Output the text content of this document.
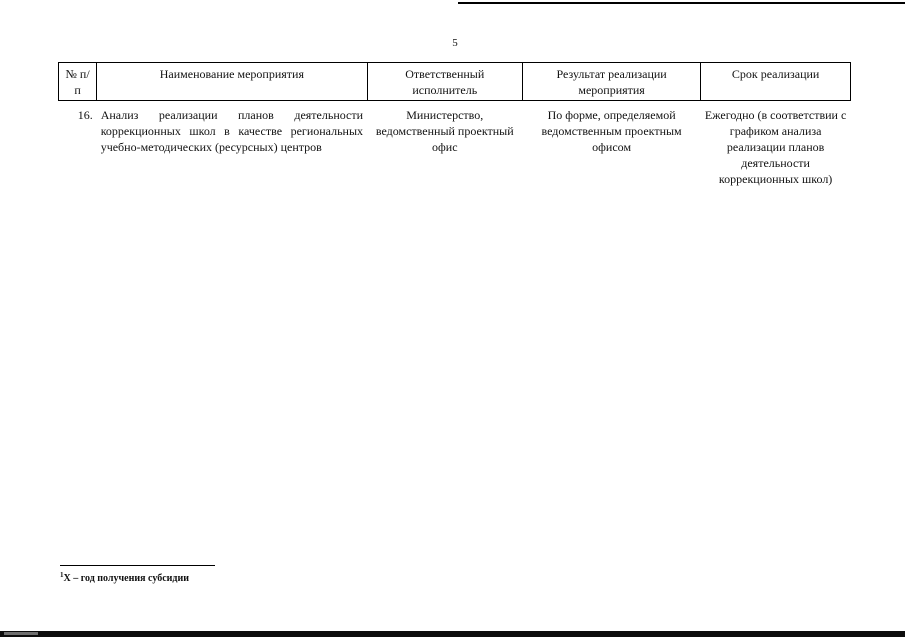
5
№ п/п	Наименование мероприятия	Ответственный исполнитель	Результат реализации мероприятия	Срок реализации
16.	Анализ реализации планов деятельности коррекционных школ в качестве региональных учебно-методических (ресурсных) центров	Министерство, ведомственный проектный офис	По форме, определяемой ведомственным проектным офисом	Ежегодно (в соответствии с графиком анализа реализации планов деятельности коррекционных школ)
$^1$X – год получения субсидии
